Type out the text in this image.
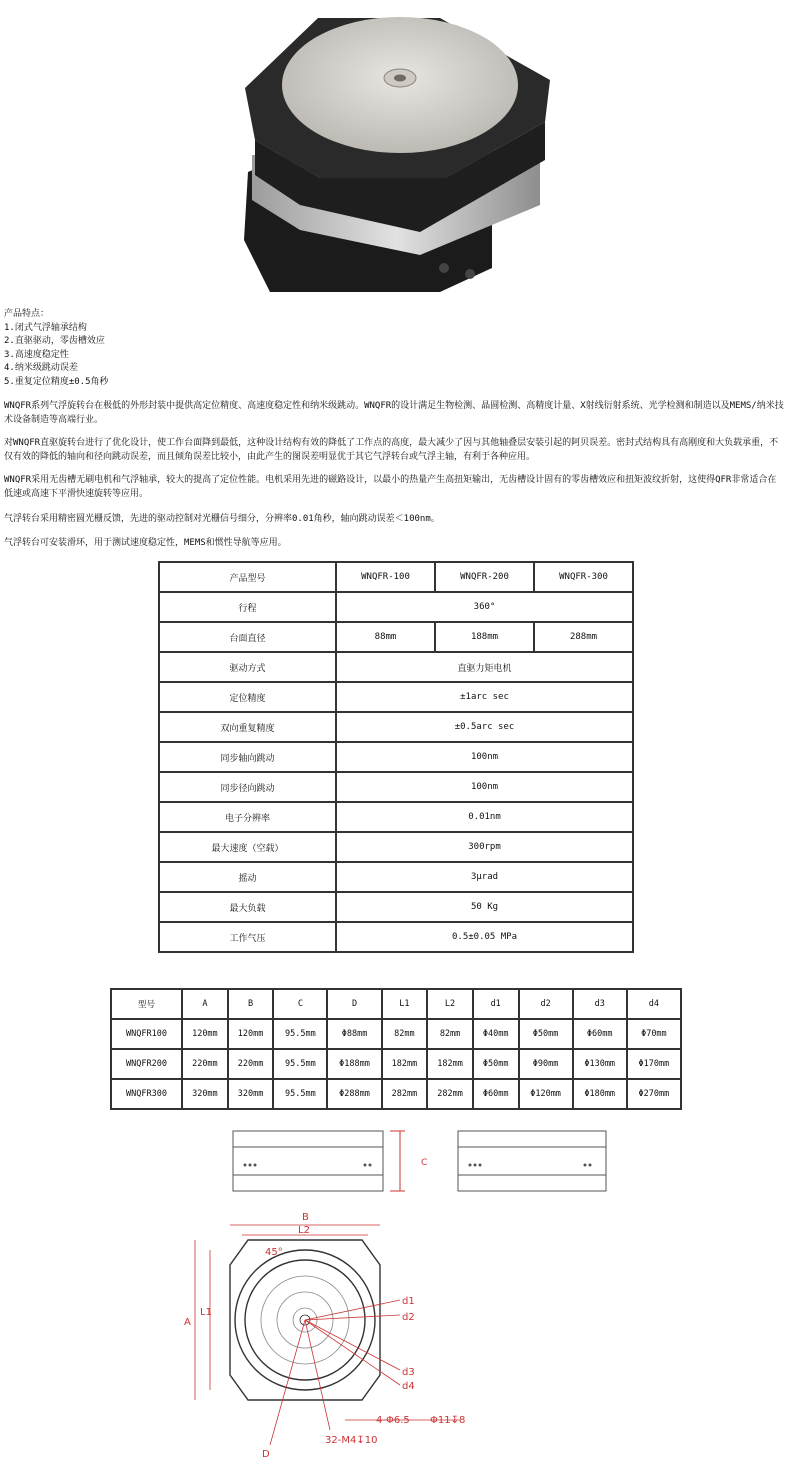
产品特点：
1.闭式气浮轴承结构
2.直驱驱动，零齿槽效应
3.高速度稳定性
4.纳米级跳动误差
5.重复定位精度±0.5角秒
WNQFR系列气浮旋转台在极低的外形封装中提供高定位精度、高速度稳定性和纳米级跳动。WNQFR的设计满足生物检测、晶圆检测、高精度计量、X射线衍射系统、光学检测和制造以及MEMS/纳米技术设备制造等高端行业。
对WNQFR直驱旋转台进行了优化设计，使工作台面降到最低，这种设计结构有效的降低了工作点的高度，最大减少了因与其他轴叠层安装引起的阿贝误差。密封式结构具有高刚度和大负载承重，不仅有效的降低的轴向和径向跳动误差，而且倾角误差比较小，由此产生的图误差明显优于其它气浮转台或气浮主轴，有利于各种应用。
WNQFR采用无齿槽无刷电机和气浮轴承，较大的提高了定位性能。电机采用先进的磁路设计，以最小的热量产生高扭矩输出，无齿槽设计固有的零齿槽效应和扭矩波纹折射，这使得QFR非常适合在低速或高速下平滑快速旋转等应用。
气浮转台采用精密圆光栅反馈，先进的驱动控制对光栅信号细分，分辨率0.01角秒，轴向跳动误差＜100nm。
气浮转台可安装滑环，用于测试速度稳定性，MEMS和惯性导航等应用。
产品型号	WNQFR-100	WNQFR-200	WNQFR-300
行程	360°		
台面直径	88mm	188mm	288mm
驱动方式	直驱力矩电机		
定位精度	±1arc sec		
双向重复精度	±0.5arc sec		
同步轴向跳动	100nm		
同步径向跳动	100nm		
电子分辨率	0.01nm		
最大速度（空载）	300rpm		
摇动	3μrad		
最大负载	50 Kg		
工作气压	0.5±0.05 MPa		
型号	A	B	C	D	L1	L2	d1	d2	d3	d4
WNQFR100	120mm	120mm	95.5mm	Φ88mm	82mm	82mm	Φ40mm	Φ50mm	Φ60mm	Φ70mm
WNQFR200	220mm	220mm	95.5mm	Φ188mm	182mm	182mm	Φ50mm	Φ90mm	Φ130mm	Φ170mm
WNQFR300	320mm	320mm	95.5mm	Φ288mm	282mm	282mm	Φ60mm	Φ120mm	Φ180mm	Φ270mm
C
B
L2
45°
d1
d2
d3
d4
A
L1
D
32-M4↧10
4-Φ6.5 Φ11↧8
